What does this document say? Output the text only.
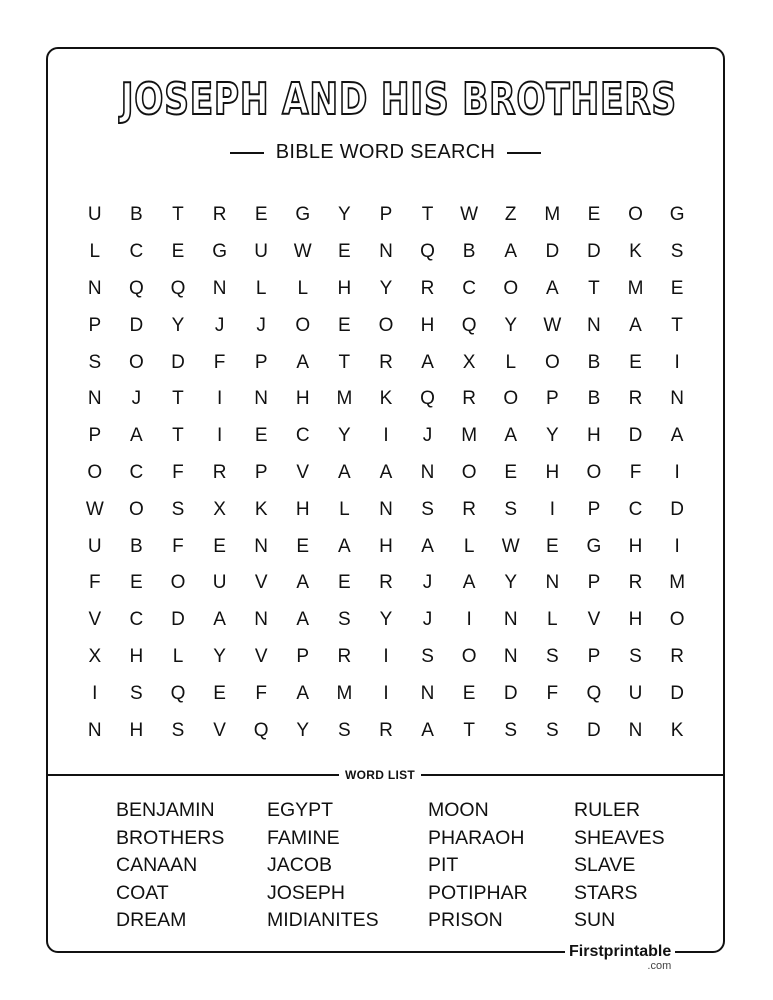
JOSEPH AND HIS BROTHERS
BIBLE WORD SEARCH
U	B	T	R	E	G	Y	P	T	W	Z	M	E	O	G
L	C	E	G	U	W	E	N	Q	B	A	D	D	K	S
N	Q	Q	N	L	L	H	Y	R	C	O	A	T	M	E
P	D	Y	J	J	O	E	O	H	Q	Y	W	N	A	T
S	O	D	F	P	A	T	R	A	X	L	O	B	E	I
N	J	T	I	N	H	M	K	Q	R	O	P	B	R	N
P	A	T	I	E	C	Y	I	J	M	A	Y	H	D	A
O	C	F	R	P	V	A	A	N	O	E	H	O	F	I
W	O	S	X	K	H	L	N	S	R	S	I	P	C	D
U	B	F	E	N	E	A	H	A	L	W	E	G	H	I
F	E	O	U	V	A	E	R	J	A	Y	N	P	R	M
V	C	D	A	N	A	S	Y	J	I	N	L	V	H	O
X	H	L	Y	V	P	R	I	S	O	N	S	P	S	R
I	S	Q	E	F	A	M	I	N	E	D	F	Q	U	D
N	H	S	V	Q	Y	S	R	A	T	S	S	D	N	K
WORD LIST
BENJAMIN
BROTHERS
CANAAN
COAT
DREAM
EGYPT
FAMINE
JACOB
JOSEPH
MIDIANITES
MOON
PHARAOH
PIT
POTIPHAR
PRISON
RULER
SHEAVES
SLAVE
STARS
SUN
Firstprintable
.com
